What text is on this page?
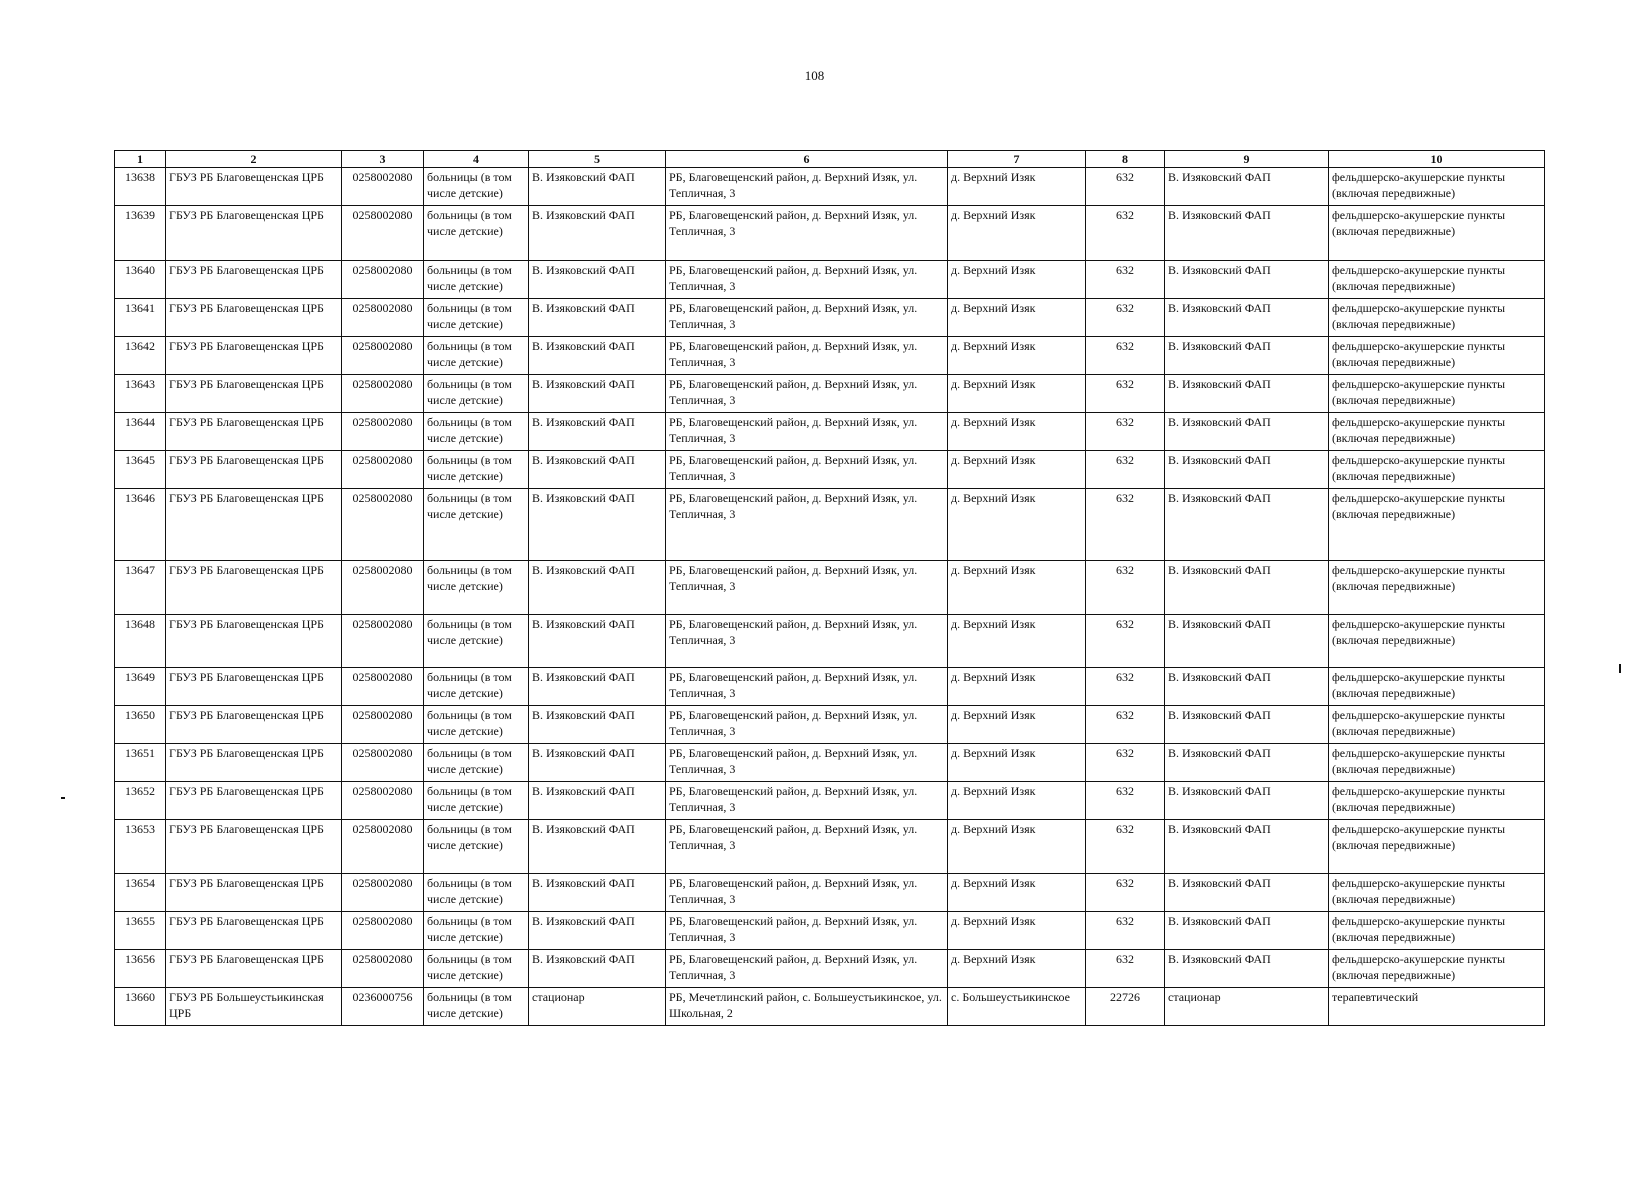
108
1	2	3	4	5	6	7	8	9	10
13638	ГБУЗ РБ Благовещенская ЦРБ	0258002080	больницы (в том числе детские)	В. Изяковский ФАП	РБ, Благовещенский район, д. Верхний Изяк, ул. Тепличная, 3	д. Верхний Изяк	632	В. Изяковский ФАП	фельдшерско-акушерские пункты (включая передвижные)
13639	ГБУЗ РБ Благовещенская ЦРБ	0258002080	больницы (в том числе детские)	В. Изяковский ФАП	РБ, Благовещенский район, д. Верхний Изяк, ул. Тепличная, 3	д. Верхний Изяк	632	В. Изяковский ФАП	фельдшерско-акушерские пункты (включая передвижные)
13640	ГБУЗ РБ Благовещенская ЦРБ	0258002080	больницы (в том числе детские)	В. Изяковский ФАП	РБ, Благовещенский район, д. Верхний Изяк, ул. Тепличная, 3	д. Верхний Изяк	632	В. Изяковский ФАП	фельдшерско-акушерские пункты (включая передвижные)
13641	ГБУЗ РБ Благовещенская ЦРБ	0258002080	больницы (в том числе детские)	В. Изяковский ФАП	РБ, Благовещенский район, д. Верхний Изяк, ул. Тепличная, 3	д. Верхний Изяк	632	В. Изяковский ФАП	фельдшерско-акушерские пункты (включая передвижные)
13642	ГБУЗ РБ Благовещенская ЦРБ	0258002080	больницы (в том числе детские)	В. Изяковский ФАП	РБ, Благовещенский район, д. Верхний Изяк, ул. Тепличная, 3	д. Верхний Изяк	632	В. Изяковский ФАП	фельдшерско-акушерские пункты (включая передвижные)
13643	ГБУЗ РБ Благовещенская ЦРБ	0258002080	больницы (в том числе детские)	В. Изяковский ФАП	РБ, Благовещенский район, д. Верхний Изяк, ул. Тепличная, 3	д. Верхний Изяк	632	В. Изяковский ФАП	фельдшерско-акушерские пункты (включая передвижные)
13644	ГБУЗ РБ Благовещенская ЦРБ	0258002080	больницы (в том числе детские)	В. Изяковский ФАП	РБ, Благовещенский район, д. Верхний Изяк, ул. Тепличная, 3	д. Верхний Изяк	632	В. Изяковский ФАП	фельдшерско-акушерские пункты (включая передвижные)
13645	ГБУЗ РБ Благовещенская ЦРБ	0258002080	больницы (в том числе детские)	В. Изяковский ФАП	РБ, Благовещенский район, д. Верхний Изяк, ул. Тепличная, 3	д. Верхний Изяк	632	В. Изяковский ФАП	фельдшерско-акушерские пункты (включая передвижные)
13646	ГБУЗ РБ Благовещенская ЦРБ	0258002080	больницы (в том числе детские)	В. Изяковский ФАП	РБ, Благовещенский район, д. Верхний Изяк, ул. Тепличная, 3	д. Верхний Изяк	632	В. Изяковский ФАП	фельдшерско-акушерские пункты (включая передвижные)
13647	ГБУЗ РБ Благовещенская ЦРБ	0258002080	больницы (в том числе детские)	В. Изяковский ФАП	РБ, Благовещенский район, д. Верхний Изяк, ул. Тепличная, 3	д. Верхний Изяк	632	В. Изяковский ФАП	фельдшерско-акушерские пункты (включая передвижные)
13648	ГБУЗ РБ Благовещенская ЦРБ	0258002080	больницы (в том числе детские)	В. Изяковский ФАП	РБ, Благовещенский район, д. Верхний Изяк, ул. Тепличная, 3	д. Верхний Изяк	632	В. Изяковский ФАП	фельдшерско-акушерские пункты (включая передвижные)
13649	ГБУЗ РБ Благовещенская ЦРБ	0258002080	больницы (в том числе детские)	В. Изяковский ФАП	РБ, Благовещенский район, д. Верхний Изяк, ул. Тепличная, 3	д. Верхний Изяк	632	В. Изяковский ФАП	фельдшерско-акушерские пункты (включая передвижные)
13650	ГБУЗ РБ Благовещенская ЦРБ	0258002080	больницы (в том числе детские)	В. Изяковский ФАП	РБ, Благовещенский район, д. Верхний Изяк, ул. Тепличная, 3	д. Верхний Изяк	632	В. Изяковский ФАП	фельдшерско-акушерские пункты (включая передвижные)
13651	ГБУЗ РБ Благовещенская ЦРБ	0258002080	больницы (в том числе детские)	В. Изяковский ФАП	РБ, Благовещенский район, д. Верхний Изяк, ул. Тепличная, 3	д. Верхний Изяк	632	В. Изяковский ФАП	фельдшерско-акушерские пункты (включая передвижные)
13652	ГБУЗ РБ Благовещенская ЦРБ	0258002080	больницы (в том числе детские)	В. Изяковский ФАП	РБ, Благовещенский район, д. Верхний Изяк, ул. Тепличная, 3	д. Верхний Изяк	632	В. Изяковский ФАП	фельдшерско-акушерские пункты (включая передвижные)
13653	ГБУЗ РБ Благовещенская ЦРБ	0258002080	больницы (в том числе детские)	В. Изяковский ФАП	РБ, Благовещенский район, д. Верхний Изяк, ул. Тепличная, 3	д. Верхний Изяк	632	В. Изяковский ФАП	фельдшерско-акушерские пункты (включая передвижные)
13654	ГБУЗ РБ Благовещенская ЦРБ	0258002080	больницы (в том числе детские)	В. Изяковский ФАП	РБ, Благовещенский район, д. Верхний Изяк, ул. Тепличная, 3	д. Верхний Изяк	632	В. Изяковский ФАП	фельдшерско-акушерские пункты (включая передвижные)
13655	ГБУЗ РБ Благовещенская ЦРБ	0258002080	больницы (в том числе детские)	В. Изяковский ФАП	РБ, Благовещенский район, д. Верхний Изяк, ул. Тепличная, 3	д. Верхний Изяк	632	В. Изяковский ФАП	фельдшерско-акушерские пункты (включая передвижные)
13656	ГБУЗ РБ Благовещенская ЦРБ	0258002080	больницы (в том числе детские)	В. Изяковский ФАП	РБ, Благовещенский район, д. Верхний Изяк, ул. Тепличная, 3	д. Верхний Изяк	632	В. Изяковский ФАП	фельдшерско-акушерские пункты (включая передвижные)
13660	ГБУЗ РБ Большеустьикинская ЦРБ	0236000756	больницы (в том числе детские)	стационар	РБ, Мечетлинский район, с. Большеустьикинское, ул. Школьная, 2	с. Большеустьикинское	22726	стационар	терапевтический
